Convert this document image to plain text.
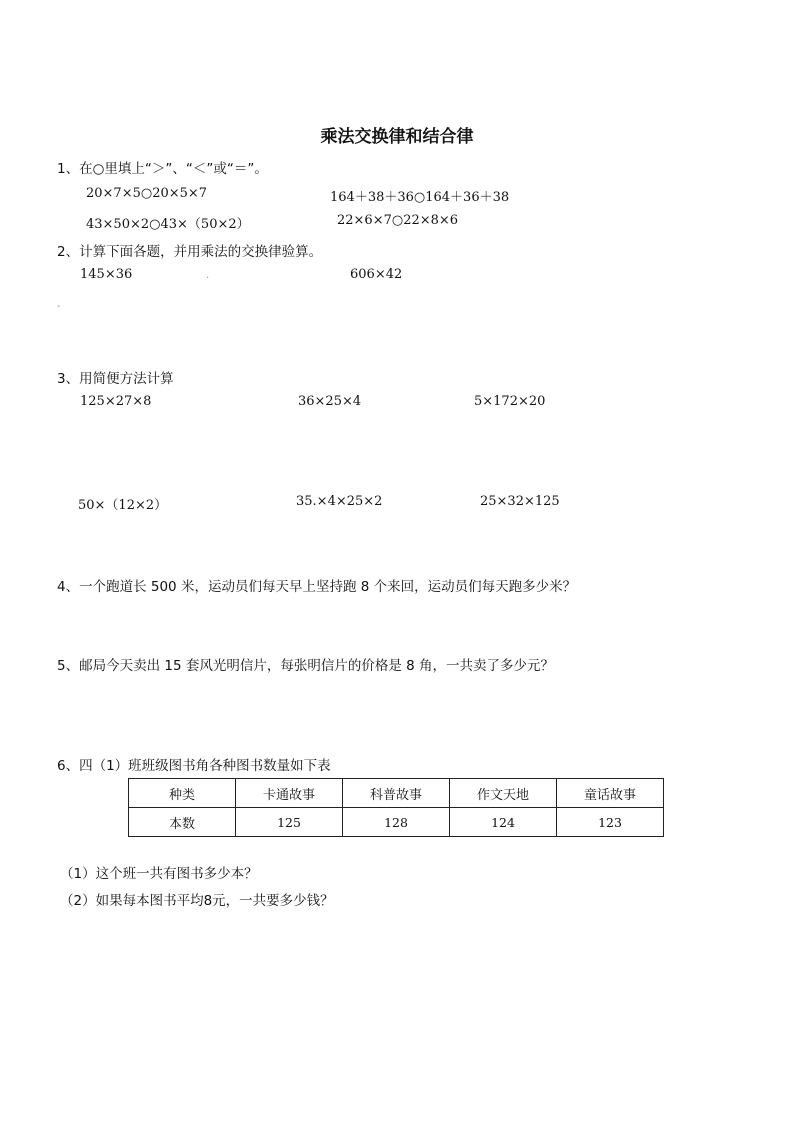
乘法交换律和结合律
1、在○里填上“＞”、“＜”或“＝”。
20×7×5○20×5×7	164＋38＋36○164＋36＋38
43×50×2○43×（50×2）	22×6×7○22×8×6
2、计算下面各题，并用乘法的交换律验算。
145×36	.	606×42
-
3、用简便方法计算
125×27×8	36×25×4	5×172×20
50×（12×2）	35.×4×25×2	25×32×125
4、一个跑道长 500 米，运动员们每天早上坚持跑 8 个来回，运动员们每天跑多少米？
5、邮局今天卖出 15 套风光明信片，每张明信片的价格是 8 角，一共卖了多少元？
6、四（1）班班级图书角各种图书数量如下表
种类	卡通故事	科普故事	作文天地	童话故事
本数	125	128	124	123
（1）这个班一共有图书多少本？
（2）如果每本图书平均8元，一共要多少钱？
